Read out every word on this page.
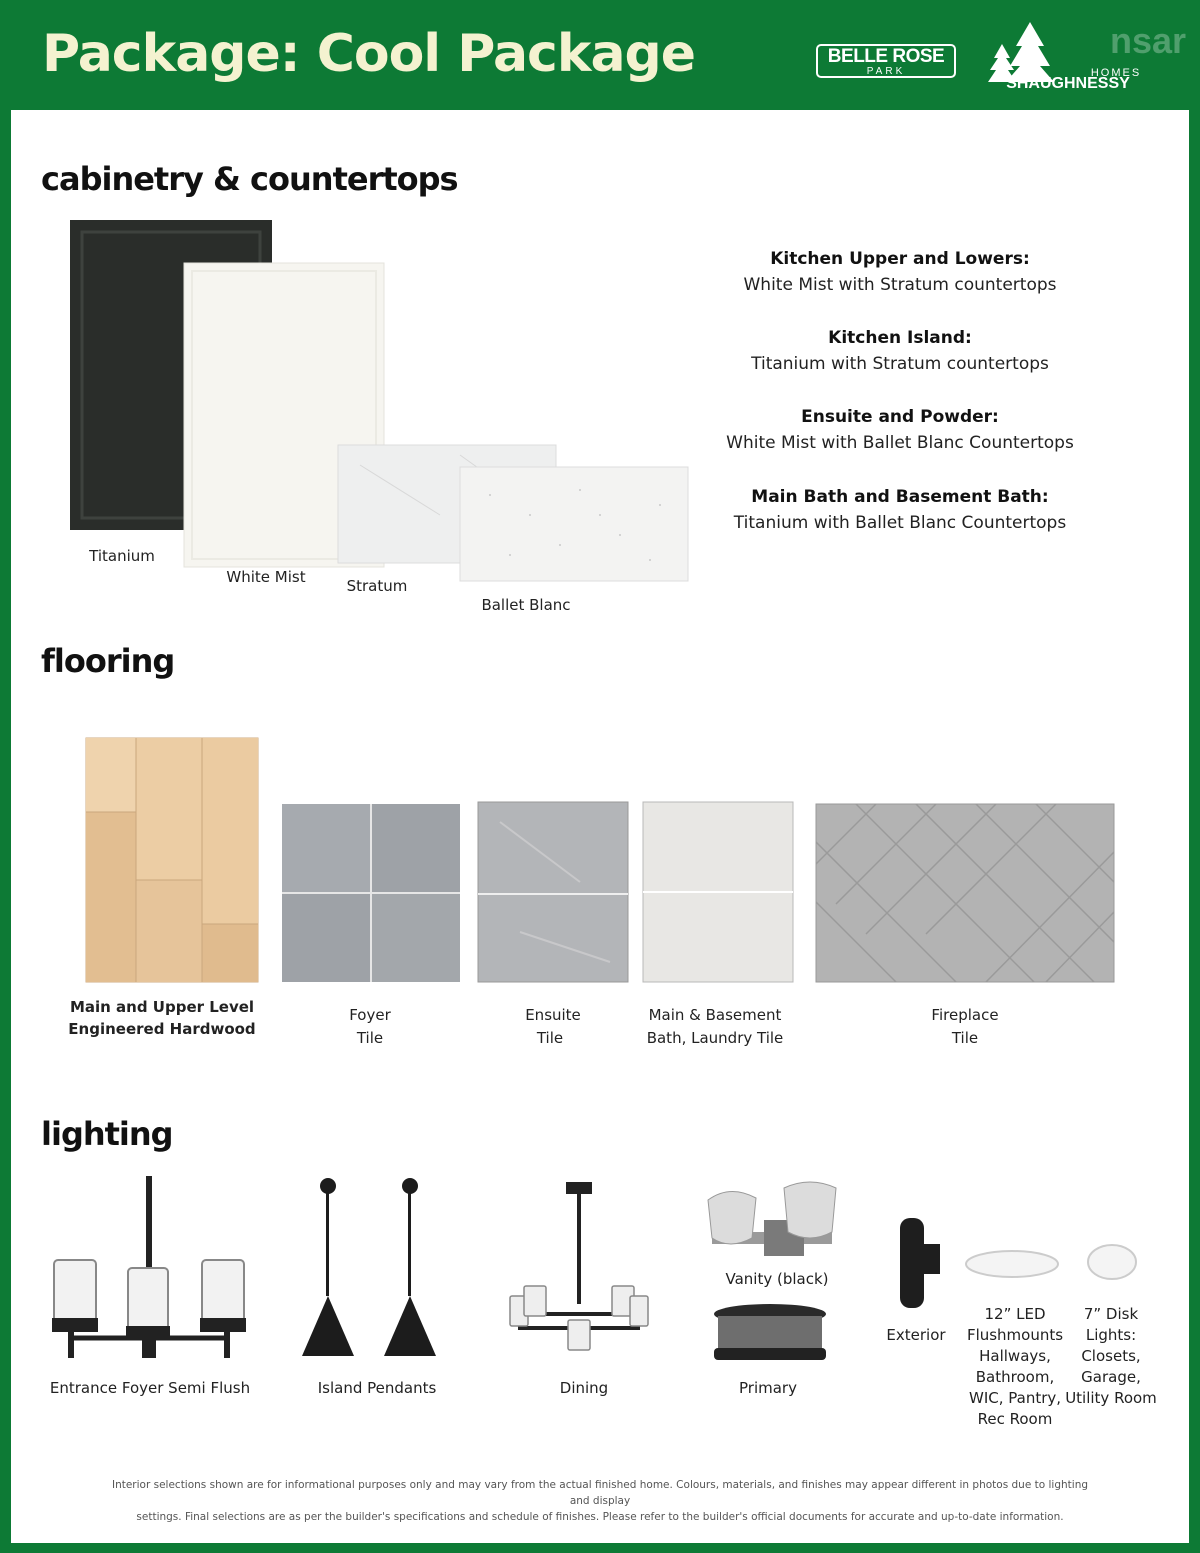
Package: Cool Package	BELLE ROSE
PARK
nsar
HOMES
SHAUGHNESSY
cabinetry & countertops
Titanium
White Mist	Stratum
Ballet Blanc
Kitchen Upper and Lowers:
White Mist with Stratum countertops
Kitchen Island:
Titanium with Stratum countertops
Ensuite and Powder:
White Mist with Ballet Blanc Countertops
Main Bath and Basement Bath:
Titanium with Ballet Blanc Countertops
flooring
Main and Upper Level
Engineered Hardwood
Foyer
Tile
Ensuite
Tile
Main & Basement
Bath, Laundry Tile
Fireplace
Tile
lighting
Entrance Foyer Semi Flush	Island Pendants	Dining
Vanity (black)
Primary
Exterior
12” LED
Flushmounts
Hallways,
Bathroom,
WIC, Pantry,
Rec Room
7” Disk
Lights:
Closets,
Garage,
Utility Room
Interior selections shown are for informational purposes only and may vary from the actual finished home. Colours, materials, and finishes may appear different in photos due to lighting and display
settings. Final selections are as per the builder's specifications and schedule of finishes. Please refer to the builder's official documents for accurate and up-to-date information.
